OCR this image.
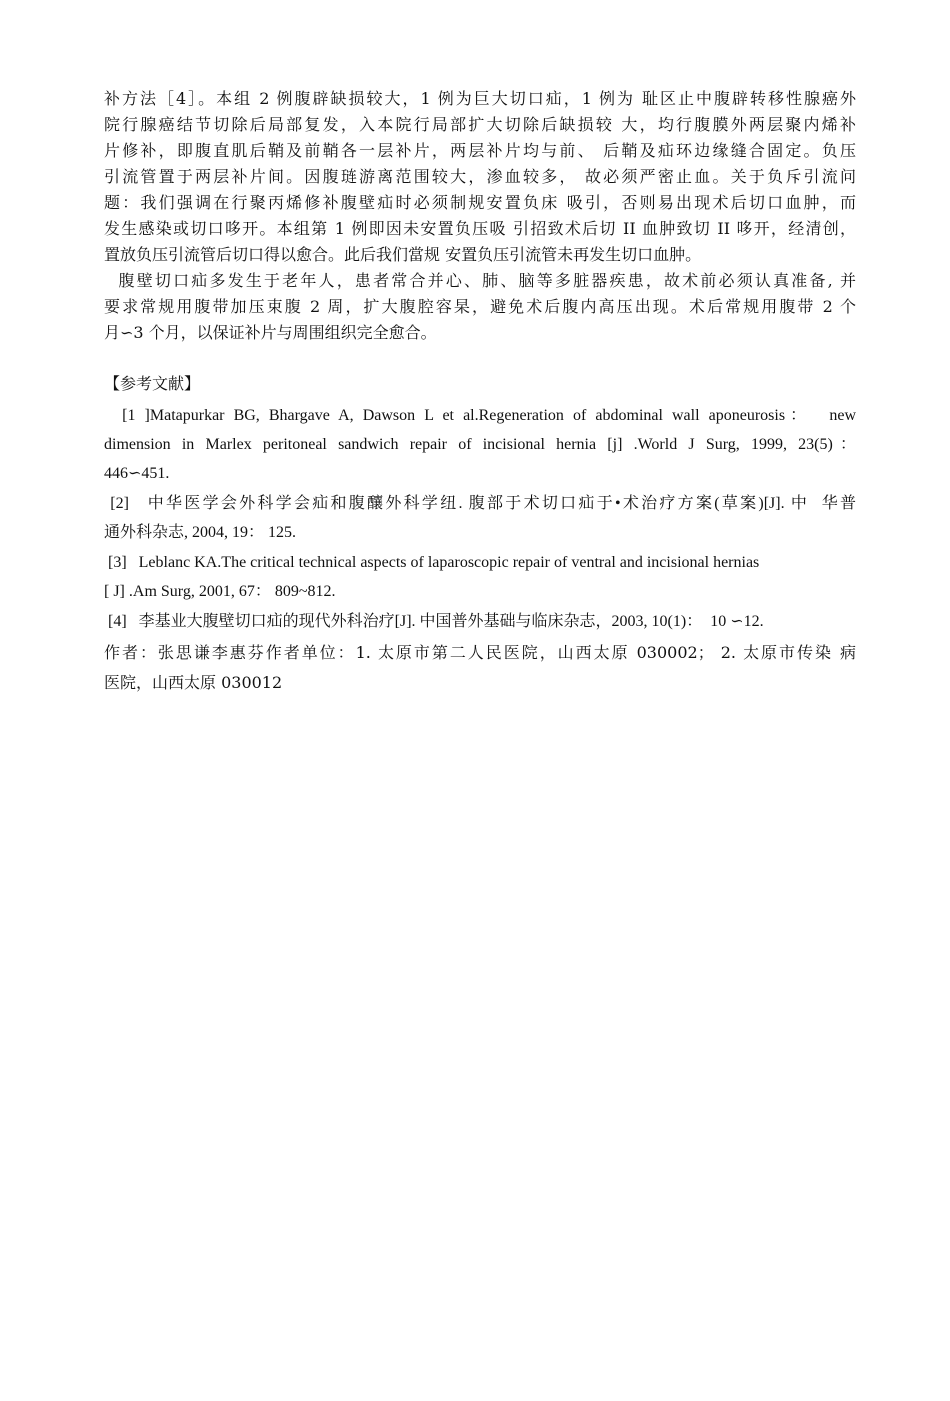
补方法［4］。本组 2 例腹辟缺损较大，1 例为巨大切口疝，1 例为 耻区止中腹辟转移性腺癌外
院行腺癌结节切除后局部复发，入本院行局部扩大切除后缺损较 大，均行腹膜外两层聚内烯补
片修补，即腹直肌后鞘及前鞘各一层补片，两层补片均与前、 后鞘及疝环边缘缝合固定。负压
引流管置于两层补片间。因腹琏游离范围较大，渗血较多， 故必须严密止血。关于负斥引流问
题：我们强调在行聚丙烯修补腹壁疝时必须制规安置负床 吸引，否则易出现术后切口血肿，而
发生感染或切口哆开。本组第 1 例即因未安置负压吸 引招致术后切 II 血肿致切 II 哆开，经清创，
置放负压引流管后切口得以愈合。此后我们當规 安置负压引流管未再发生切口血肿。
腹壁切口疝多发生于老年人，患者常合并心、肺、脑等多脏器疾患，故术前必须认真准备, 并
要求常规用腹带加压束腹 2 周，扩大腹腔容杲，避免术后腹内高压出现。术后常规用腹带 2 个
月∽3 个月，以保证补片与周围组织完全愈合。
【参考文献】
[1 ]Matapurkar BG, Bhargave A, Dawson L et al.Regeneration of abdominal wall aponeurosis：  new
dimension in Marlex peritoneal sandwich repair of incisional hernia [j] .World J Surg, 1999, 23(5)：
446∽451.
[2]   中华医学会外科学会疝和腹釀外科学纽. 腹部于术切口疝于•术治疗方案(草案)[J]. 中  华普
通外科杂志, 2004, 19： 125.
[3]   Leblanc KA.The critical technical aspects of laparoscopic repair of ventral and incisional hernias
[ J] .Am Surg, 2001, 67： 809~812.
[4]   李基业大腹壁切口疝的现代外科治疗[J]. 中国普外基础与临床杂志，2003, 10(1)：  10 ∽12.
作者：张思谦李惠芬作者单位：1. 太原市第二人民医院，山西太原 030002； 2. 太原市传染 病
医院，山西太原 030012
